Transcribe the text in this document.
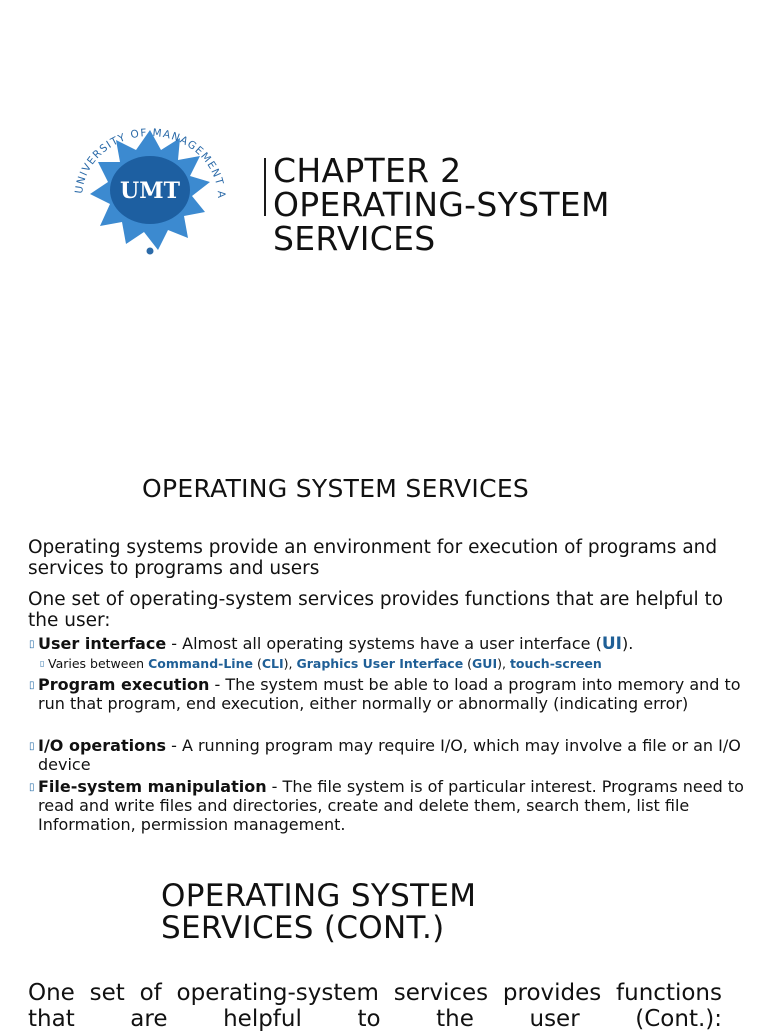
UNIVERSITY OF MANAGEMENT A
UMT
CHAPTER 2
OPERATING-SYSTEM
SERVICES
OPERATING SYSTEM SERVICES
Operating systems provide an environment for execution of programs and services to programs and users
One set of operating-system services provides functions that are helpful to the user:
▯ User interface - Almost all operating systems have a user interface (UI).
▯ Varies between Command-Line (CLI), Graphics User Interface (GUI), touch-screen
▯ Program execution - The system must be able to load a program into memory and to run that program, end execution, either normally or abnormally (indicating error)
▯ I/O operations - A running program may require I/O, which may involve a file or an I/O device
▯ File-system manipulation - The file system is of particular interest. Programs need to read and write files and directories, create and delete them, search them, list file Information, permission management.
OPERATING SYSTEM
SERVICES (CONT.)
One set of operating-system services provides functions that are helpful to the user (Cont.):
